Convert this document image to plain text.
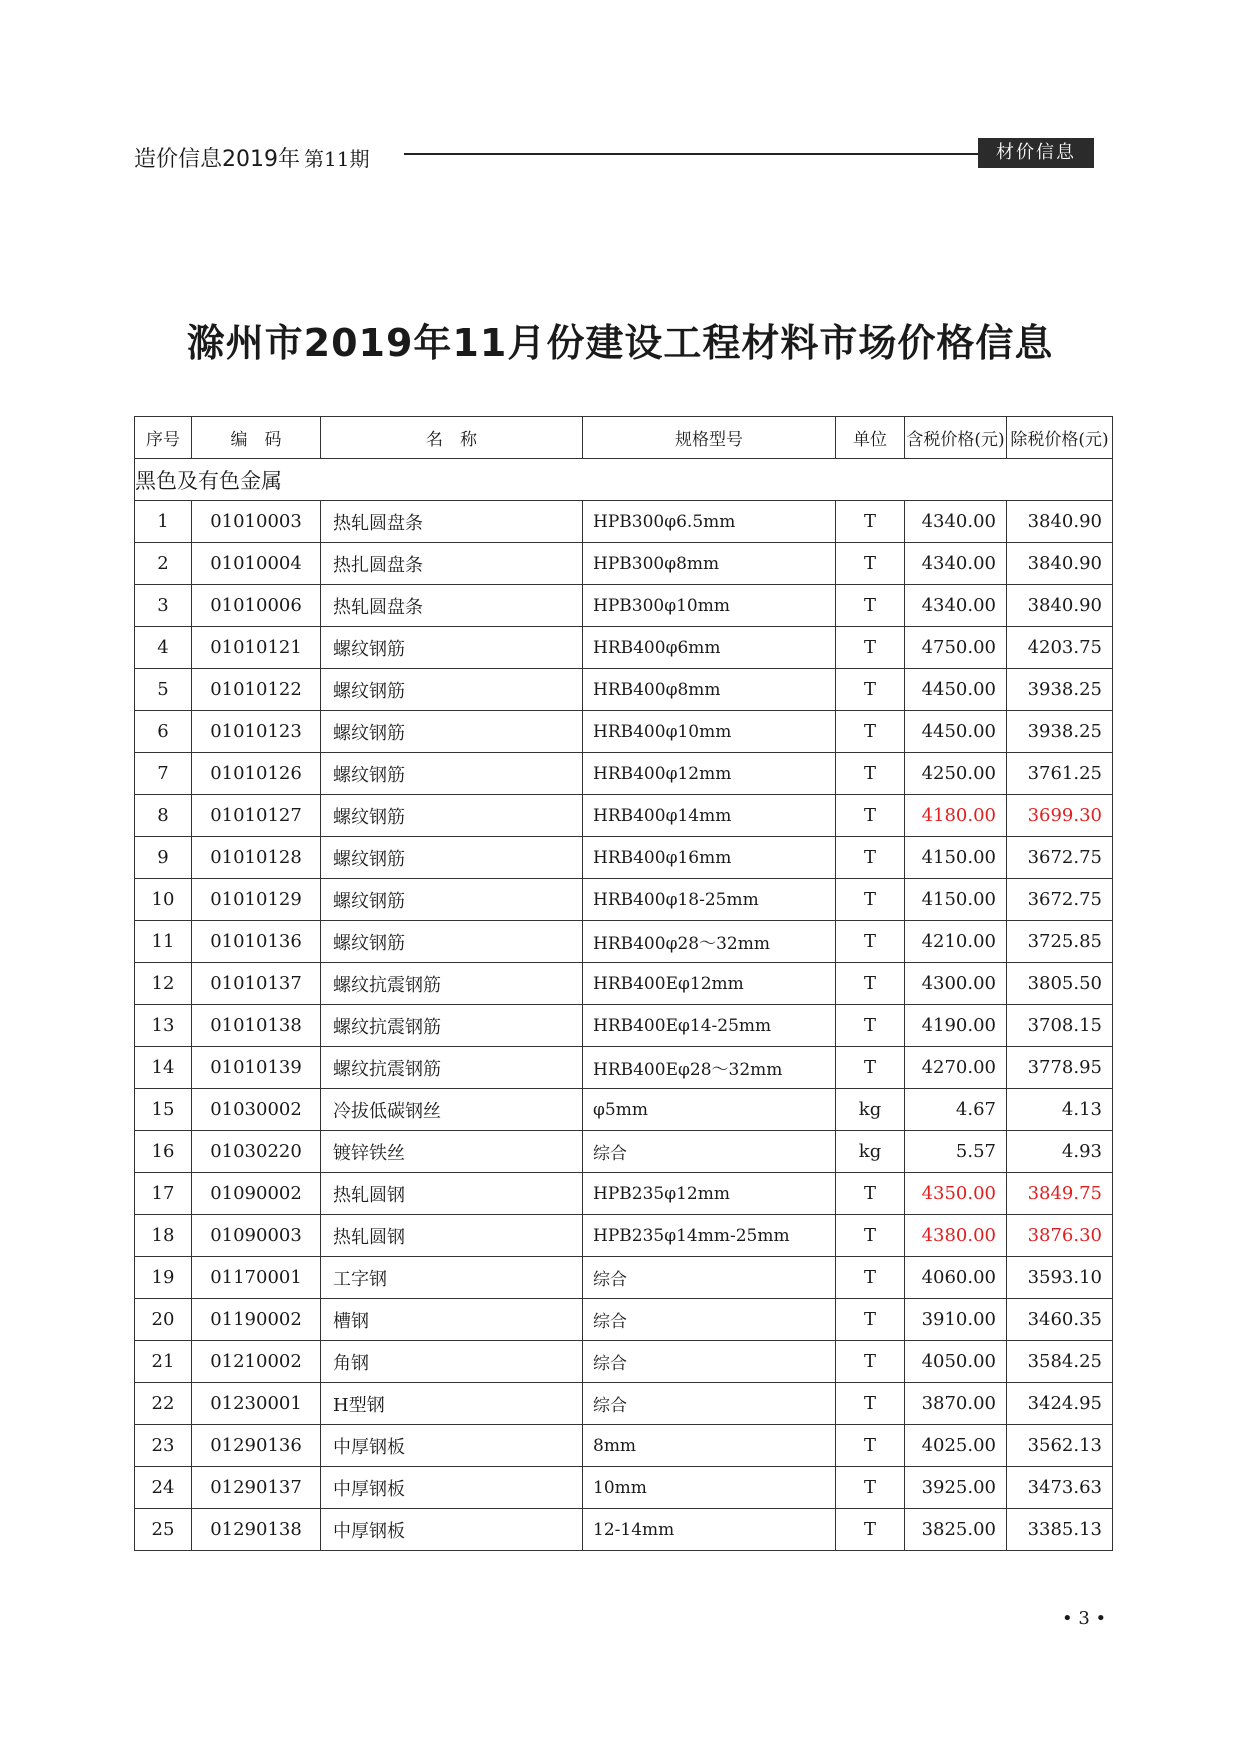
造价信息2019年 第11期	材价信息
滁州市2019年11月份建设工程材料市场价格信息
序号	编　码	名　称	规格型号	单位	含税价格(元)	除税价格(元)
黑色及有色金属						
1	01010003	热轧圆盘条	HPB300φ6.5mm	T	4340.00	3840.90
2	01010004	热扎圆盘条	HPB300φ8mm	T	4340.00	3840.90
3	01010006	热轧圆盘条	HPB300φ10mm	T	4340.00	3840.90
4	01010121	螺纹钢筋	HRB400φ6mm	T	4750.00	4203.75
5	01010122	螺纹钢筋	HRB400φ8mm	T	4450.00	3938.25
6	01010123	螺纹钢筋	HRB400φ10mm	T	4450.00	3938.25
7	01010126	螺纹钢筋	HRB400φ12mm	T	4250.00	3761.25
8	01010127	螺纹钢筋	HRB400φ14mm	T	4180.00	3699.30
9	01010128	螺纹钢筋	HRB400φ16mm	T	4150.00	3672.75
10	01010129	螺纹钢筋	HRB400φ18-25mm	T	4150.00	3672.75
11	01010136	螺纹钢筋	HRB400φ28～32mm	T	4210.00	3725.85
12	01010137	螺纹抗震钢筋	HRB400Eφ12mm	T	4300.00	3805.50
13	01010138	螺纹抗震钢筋	HRB400Eφ14-25mm	T	4190.00	3708.15
14	01010139	螺纹抗震钢筋	HRB400Eφ28～32mm	T	4270.00	3778.95
15	01030002	冷拔低碳钢丝	φ5mm	kg	4.67	4.13
16	01030220	镀锌铁丝	综合	kg	5.57	4.93
17	01090002	热轧圆钢	HPB235φ12mm	T	4350.00	3849.75
18	01090003	热轧圆钢	HPB235φ14mm-25mm	T	4380.00	3876.30
19	01170001	工字钢	综合	T	4060.00	3593.10
20	01190002	槽钢	综合	T	3910.00	3460.35
21	01210002	角钢	综合	T	4050.00	3584.25
22	01230001	H型钢	综合	T	3870.00	3424.95
23	01290136	中厚钢板	8mm	T	4025.00	3562.13
24	01290137	中厚钢板	10mm	T	3925.00	3473.63
25	01290138	中厚钢板	12-14mm	T	3825.00	3385.13
• 3 •
